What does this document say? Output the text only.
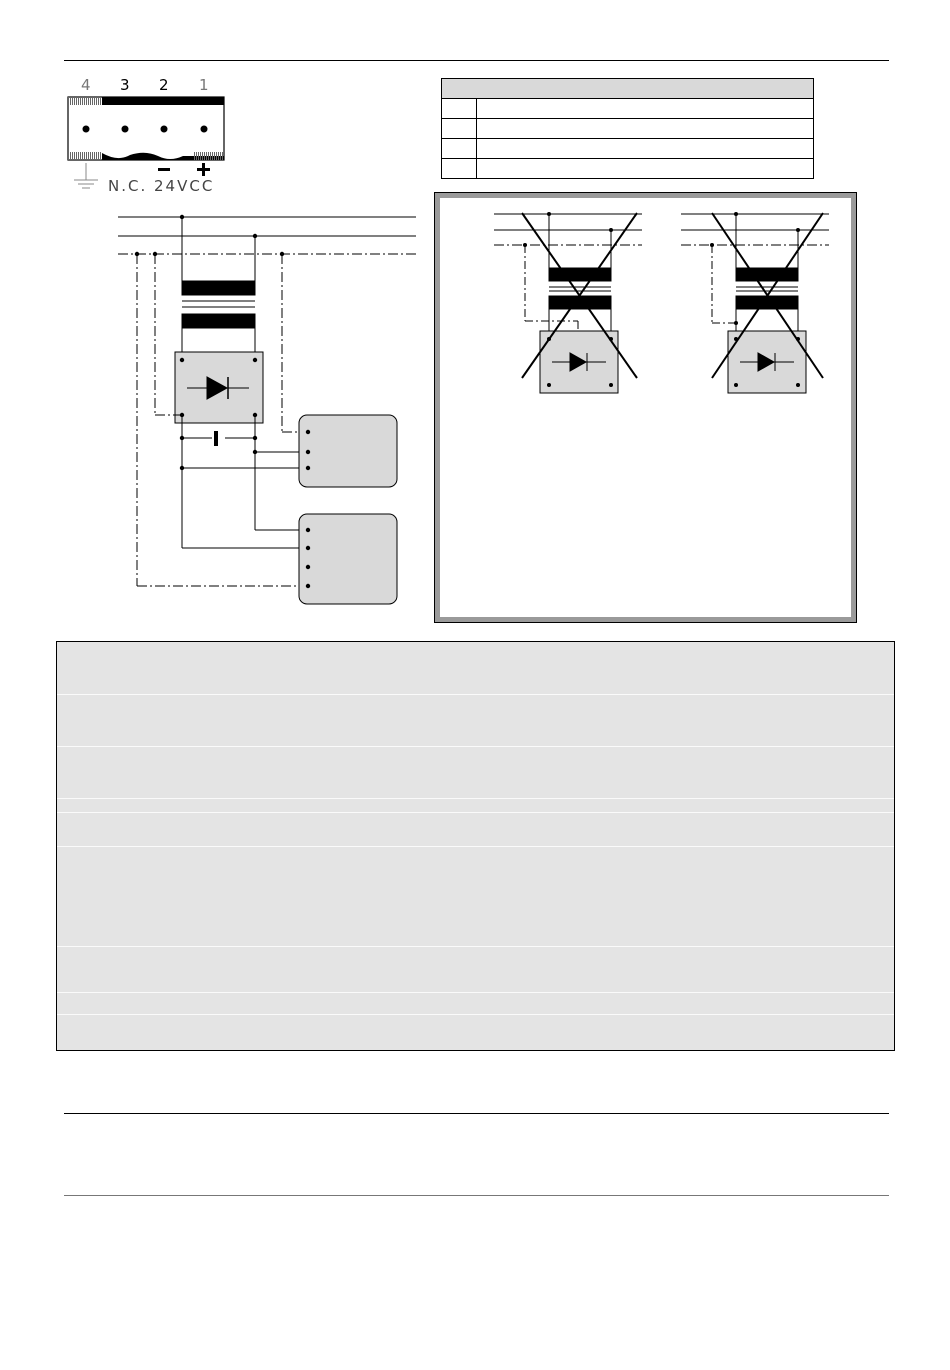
4 3 2 1
N.C. 24VCC
